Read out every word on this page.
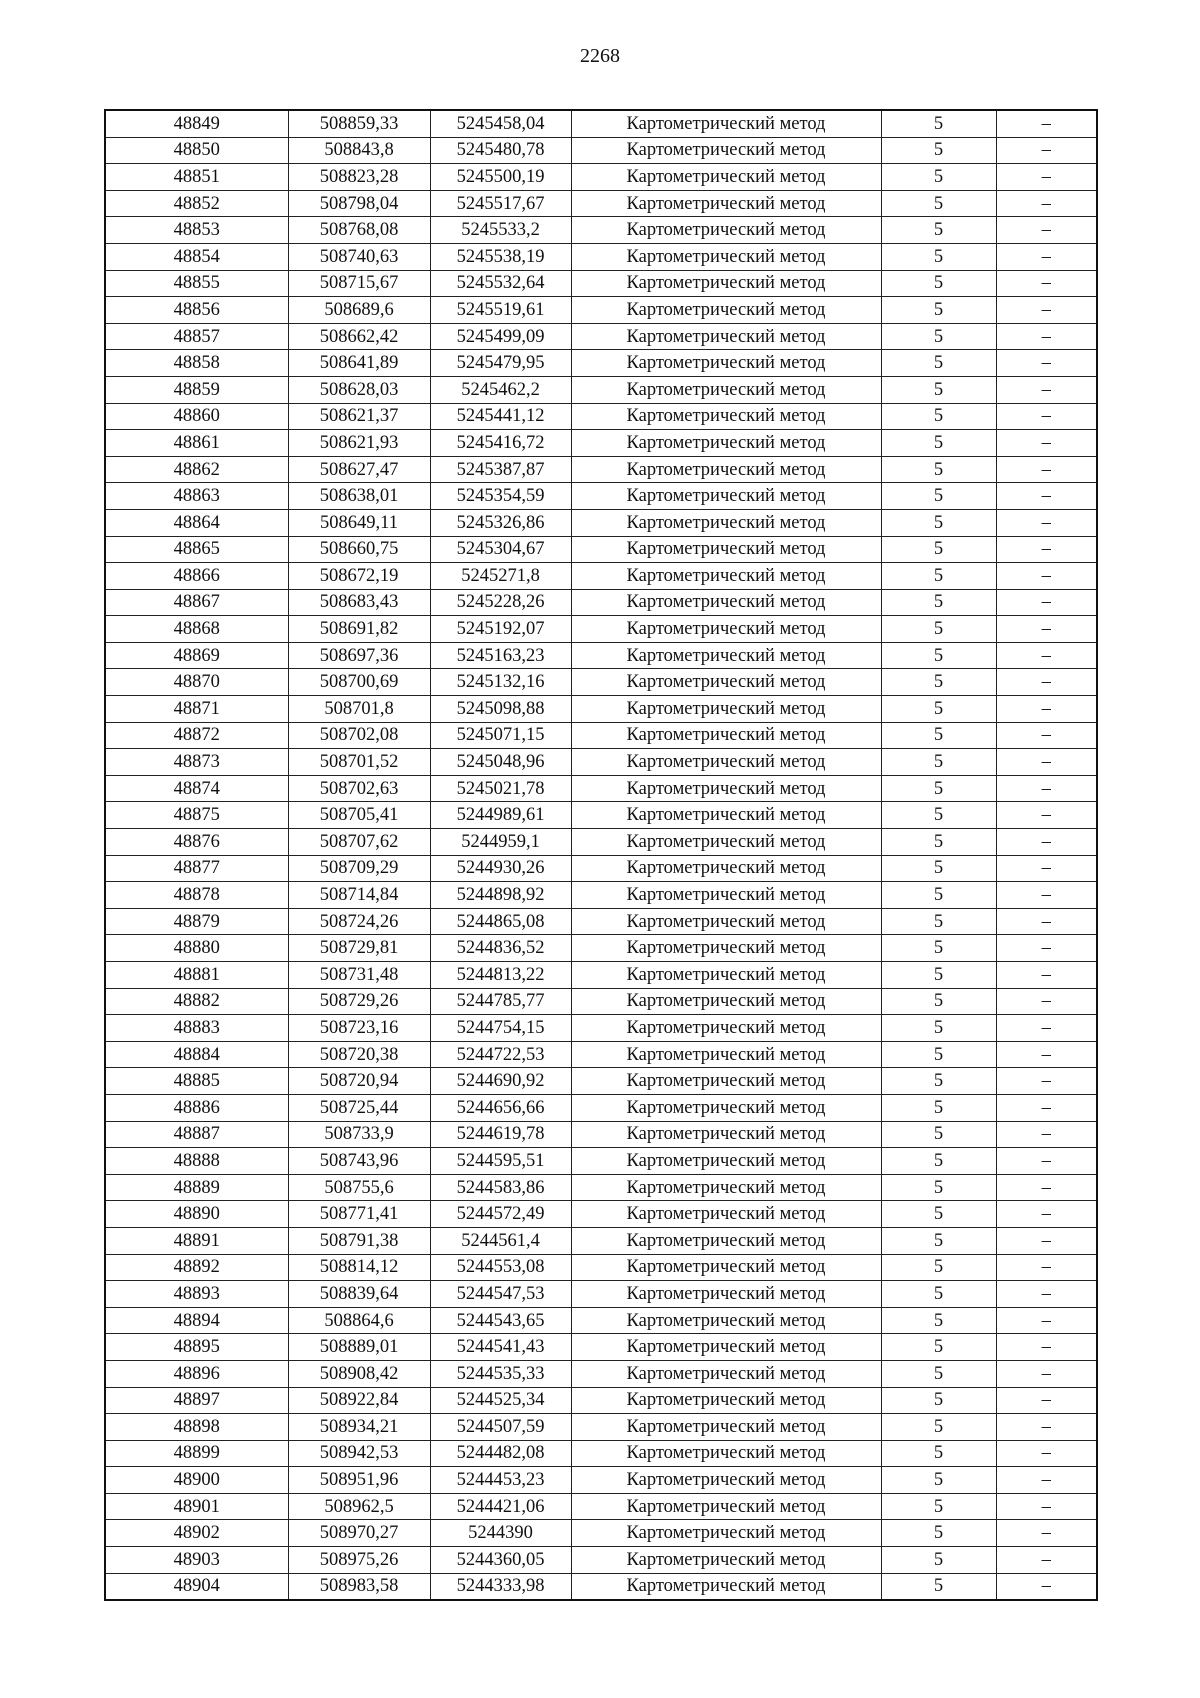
2268
48849	508859,33	5245458,04	Картометрический метод	5	–
48850	508843,8	5245480,78	Картометрический метод	5	–
48851	508823,28	5245500,19	Картометрический метод	5	–
48852	508798,04	5245517,67	Картометрический метод	5	–
48853	508768,08	5245533,2	Картометрический метод	5	–
48854	508740,63	5245538,19	Картометрический метод	5	–
48855	508715,67	5245532,64	Картометрический метод	5	–
48856	508689,6	5245519,61	Картометрический метод	5	–
48857	508662,42	5245499,09	Картометрический метод	5	–
48858	508641,89	5245479,95	Картометрический метод	5	–
48859	508628,03	5245462,2	Картометрический метод	5	–
48860	508621,37	5245441,12	Картометрический метод	5	–
48861	508621,93	5245416,72	Картометрический метод	5	–
48862	508627,47	5245387,87	Картометрический метод	5	–
48863	508638,01	5245354,59	Картометрический метод	5	–
48864	508649,11	5245326,86	Картометрический метод	5	–
48865	508660,75	5245304,67	Картометрический метод	5	–
48866	508672,19	5245271,8	Картометрический метод	5	–
48867	508683,43	5245228,26	Картометрический метод	5	–
48868	508691,82	5245192,07	Картометрический метод	5	–
48869	508697,36	5245163,23	Картометрический метод	5	–
48870	508700,69	5245132,16	Картометрический метод	5	–
48871	508701,8	5245098,88	Картометрический метод	5	–
48872	508702,08	5245071,15	Картометрический метод	5	–
48873	508701,52	5245048,96	Картометрический метод	5	–
48874	508702,63	5245021,78	Картометрический метод	5	–
48875	508705,41	5244989,61	Картометрический метод	5	–
48876	508707,62	5244959,1	Картометрический метод	5	–
48877	508709,29	5244930,26	Картометрический метод	5	–
48878	508714,84	5244898,92	Картометрический метод	5	–
48879	508724,26	5244865,08	Картометрический метод	5	–
48880	508729,81	5244836,52	Картометрический метод	5	–
48881	508731,48	5244813,22	Картометрический метод	5	–
48882	508729,26	5244785,77	Картометрический метод	5	–
48883	508723,16	5244754,15	Картометрический метод	5	–
48884	508720,38	5244722,53	Картометрический метод	5	–
48885	508720,94	5244690,92	Картометрический метод	5	–
48886	508725,44	5244656,66	Картометрический метод	5	–
48887	508733,9	5244619,78	Картометрический метод	5	–
48888	508743,96	5244595,51	Картометрический метод	5	–
48889	508755,6	5244583,86	Картометрический метод	5	–
48890	508771,41	5244572,49	Картометрический метод	5	–
48891	508791,38	5244561,4	Картометрический метод	5	–
48892	508814,12	5244553,08	Картометрический метод	5	–
48893	508839,64	5244547,53	Картометрический метод	5	–
48894	508864,6	5244543,65	Картометрический метод	5	–
48895	508889,01	5244541,43	Картометрический метод	5	–
48896	508908,42	5244535,33	Картометрический метод	5	–
48897	508922,84	5244525,34	Картометрический метод	5	–
48898	508934,21	5244507,59	Картометрический метод	5	–
48899	508942,53	5244482,08	Картометрический метод	5	–
48900	508951,96	5244453,23	Картометрический метод	5	–
48901	508962,5	5244421,06	Картометрический метод	5	–
48902	508970,27	5244390	Картометрический метод	5	–
48903	508975,26	5244360,05	Картометрический метод	5	–
48904	508983,58	5244333,98	Картометрический метод	5	–
